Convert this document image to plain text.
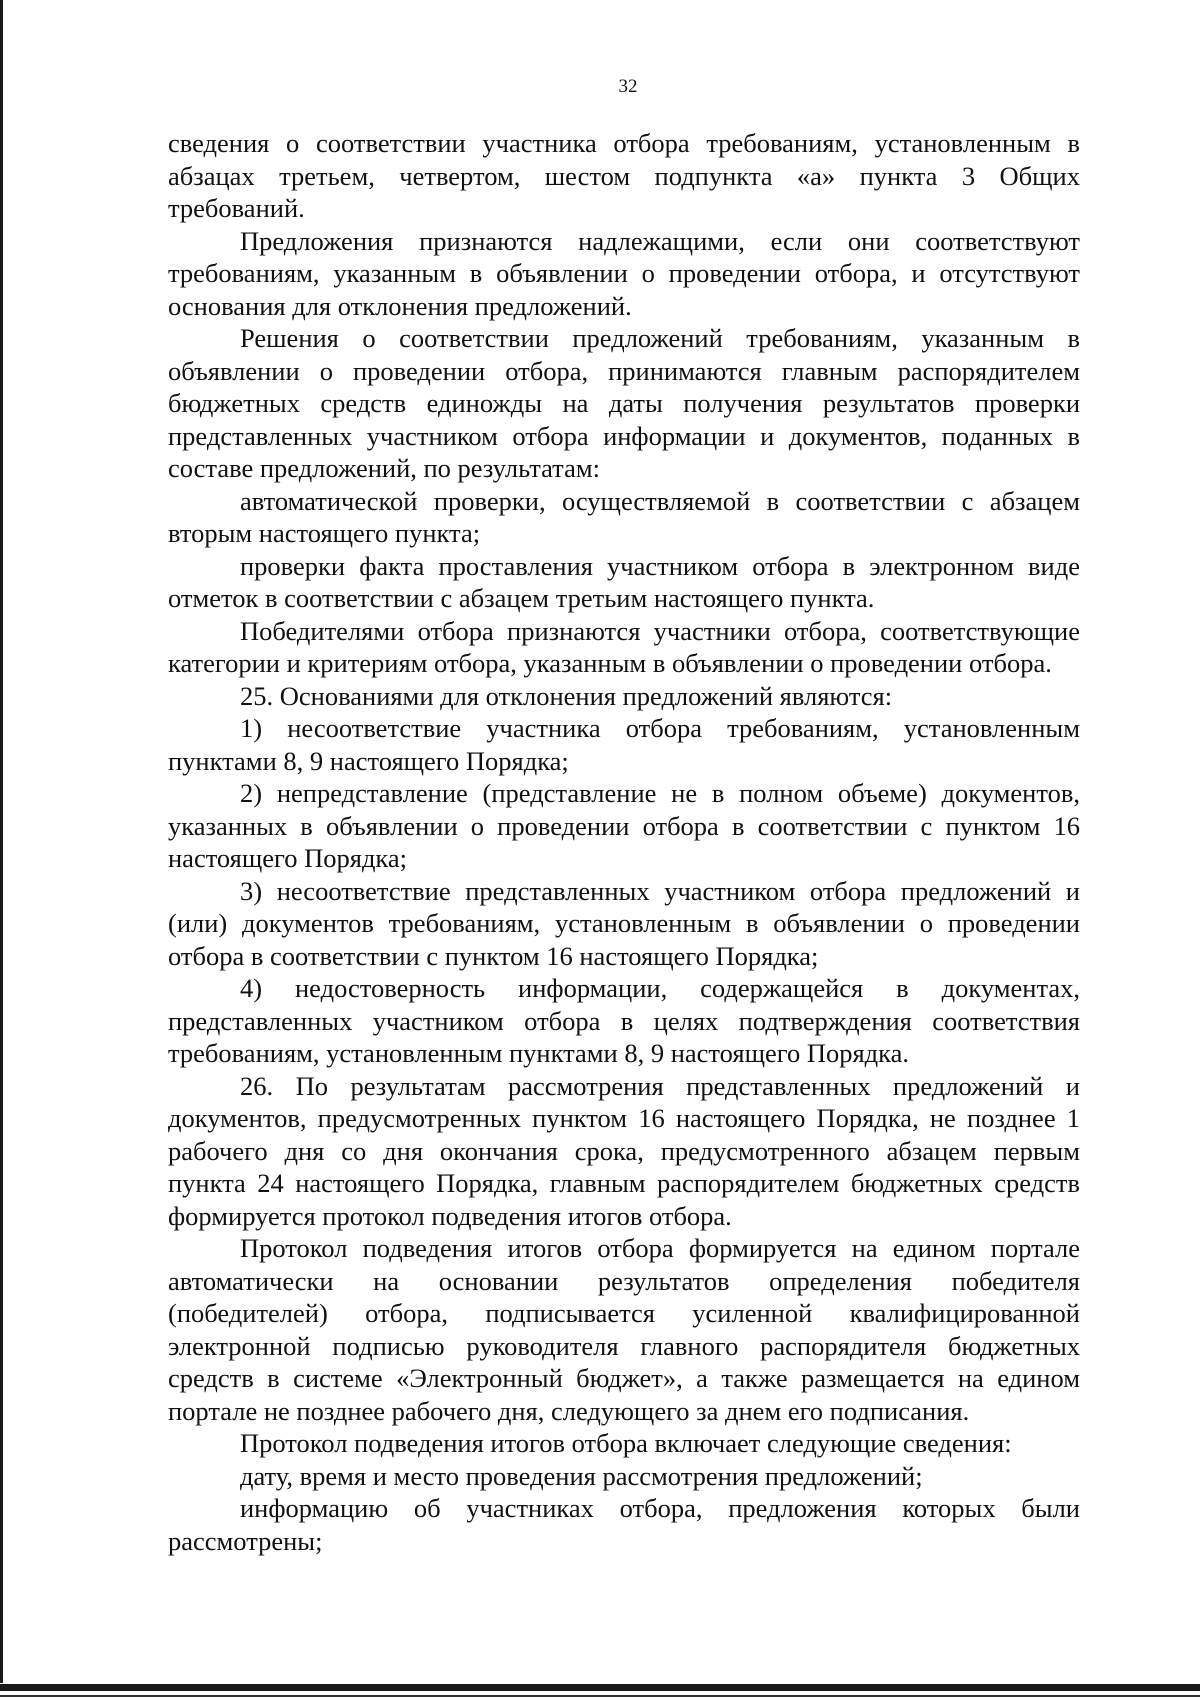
32

сведения о соответствии участника отбора требованиям, установленным в абзацах третьем, четвертом, шестом подпункта «а» пункта 3 Общих требований.

Предложения признаются надлежащими, если они соответствуют требованиям, указанным в объявлении о проведении отбора, и отсутствуют основания для отклонения предложений.

Решения о соответствии предложений требованиям, указанным в объявлении о проведении отбора, принимаются главным распорядителем бюджетных средств единожды на даты получения результатов проверки представленных участником отбора информации и документов, поданных в составе предложений, по результатам:

автоматической проверки, осуществляемой в соответствии с абзацем вторым настоящего пункта;

проверки факта проставления участником отбора в электронном виде отметок в соответствии с абзацем третьим настоящего пункта.

Победителями отбора признаются участники отбора, соответствующие категории и критериям отбора, указанным в объявлении о проведении отбора.

25. Основаниями для отклонения предложений являются:

1) несоответствие участника отбора требованиям, установленным пунктами 8, 9 настоящего Порядка;

2) непредставление (представление не в полном объеме) документов, указанных в объявлении о проведении отбора в соответствии с пунктом 16 настоящего Порядка;

3) несоответствие представленных участником отбора предложений и (или) документов требованиям, установленным в объявлении о проведении отбора в соответствии с пунктом 16 настоящего Порядка;

4) недостоверность информации, содержащейся в документах, представленных участником отбора в целях подтверждения соответствия требованиям, установленным пунктами 8, 9 настоящего Порядка.

26. По результатам рассмотрения представленных предложений и документов, предусмотренных пунктом 16 настоящего Порядка, не позднее 1 рабочего дня со дня окончания срока, предусмотренного абзацем первым пункта 24 настоящего Порядка, главным распорядителем бюджетных средств формируется протокол подведения итогов отбора.

Протокол подведения итогов отбора формируется на едином портале автоматически на основании результатов определения победителя (победителей) отбора, подписывается усиленной квалифицированной электронной подписью руководителя главного распорядителя бюджетных средств в системе «Электронный бюджет», а также размещается на едином портале не позднее рабочего дня, следующего за днем его подписания.

Протокол подведения итогов отбора включает следующие сведения:

дату, время и место проведения рассмотрения предложений;

информацию об участниках отбора, предложения которых были рассмотрены;
